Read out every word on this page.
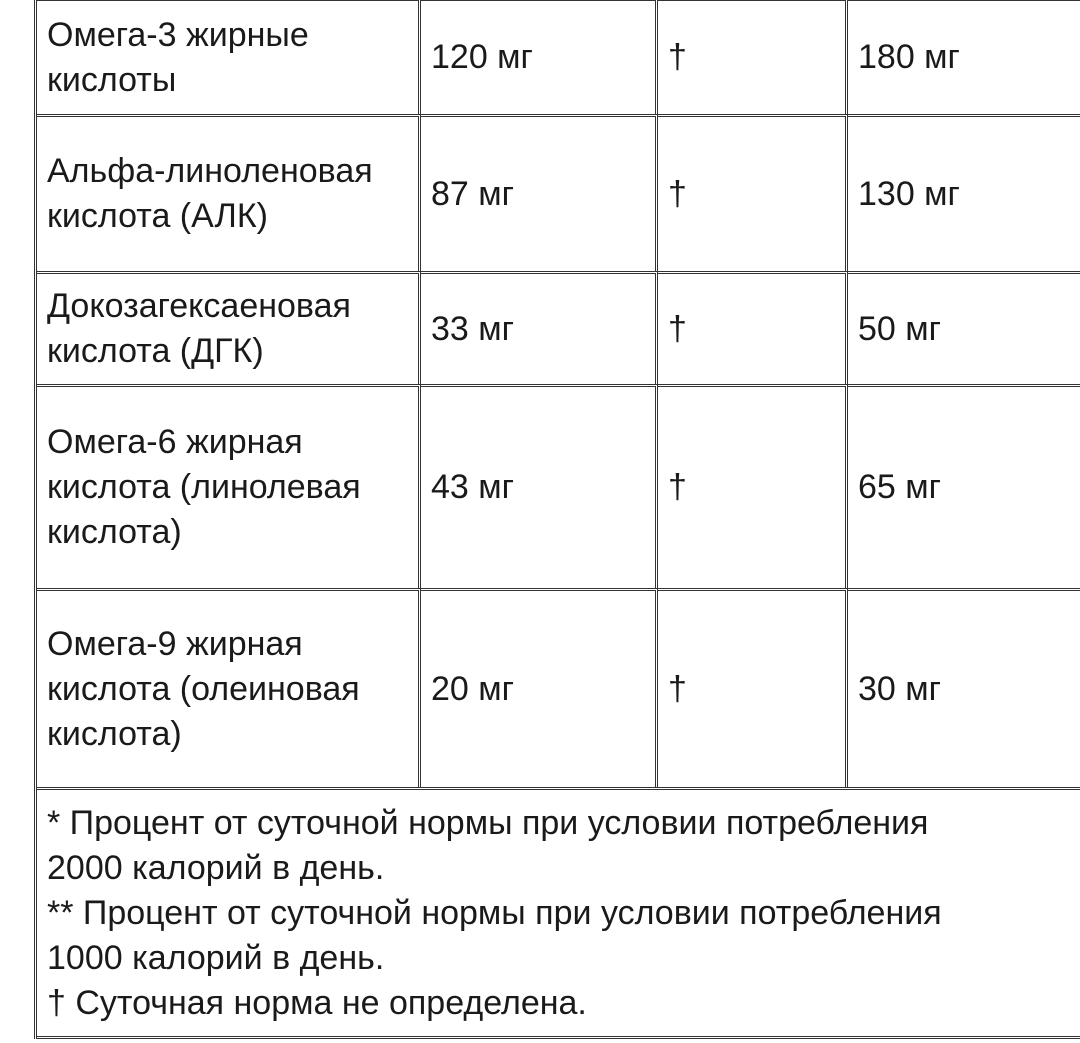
Омега-3 жирные кислоты	120 мг	†	180 мг
Альфа-линоленовая кислота (АЛК)	87 мг	†	130 мг
Докозагексаеновая кислота (ДГК)	33 мг	†	50 мг
Омега-6 жирная кислота (линолевая кислота)	43 мг	†	65 мг
Омега-9 жирная кислота (олеиновая кислота)	20 мг	†	30 мг

* Процент от суточной нормы при условии потребления
2000 калорий в день.
** Процент от суточной нормы при условии потребления
1000 калорий в день.
† Суточная норма не определена.			
